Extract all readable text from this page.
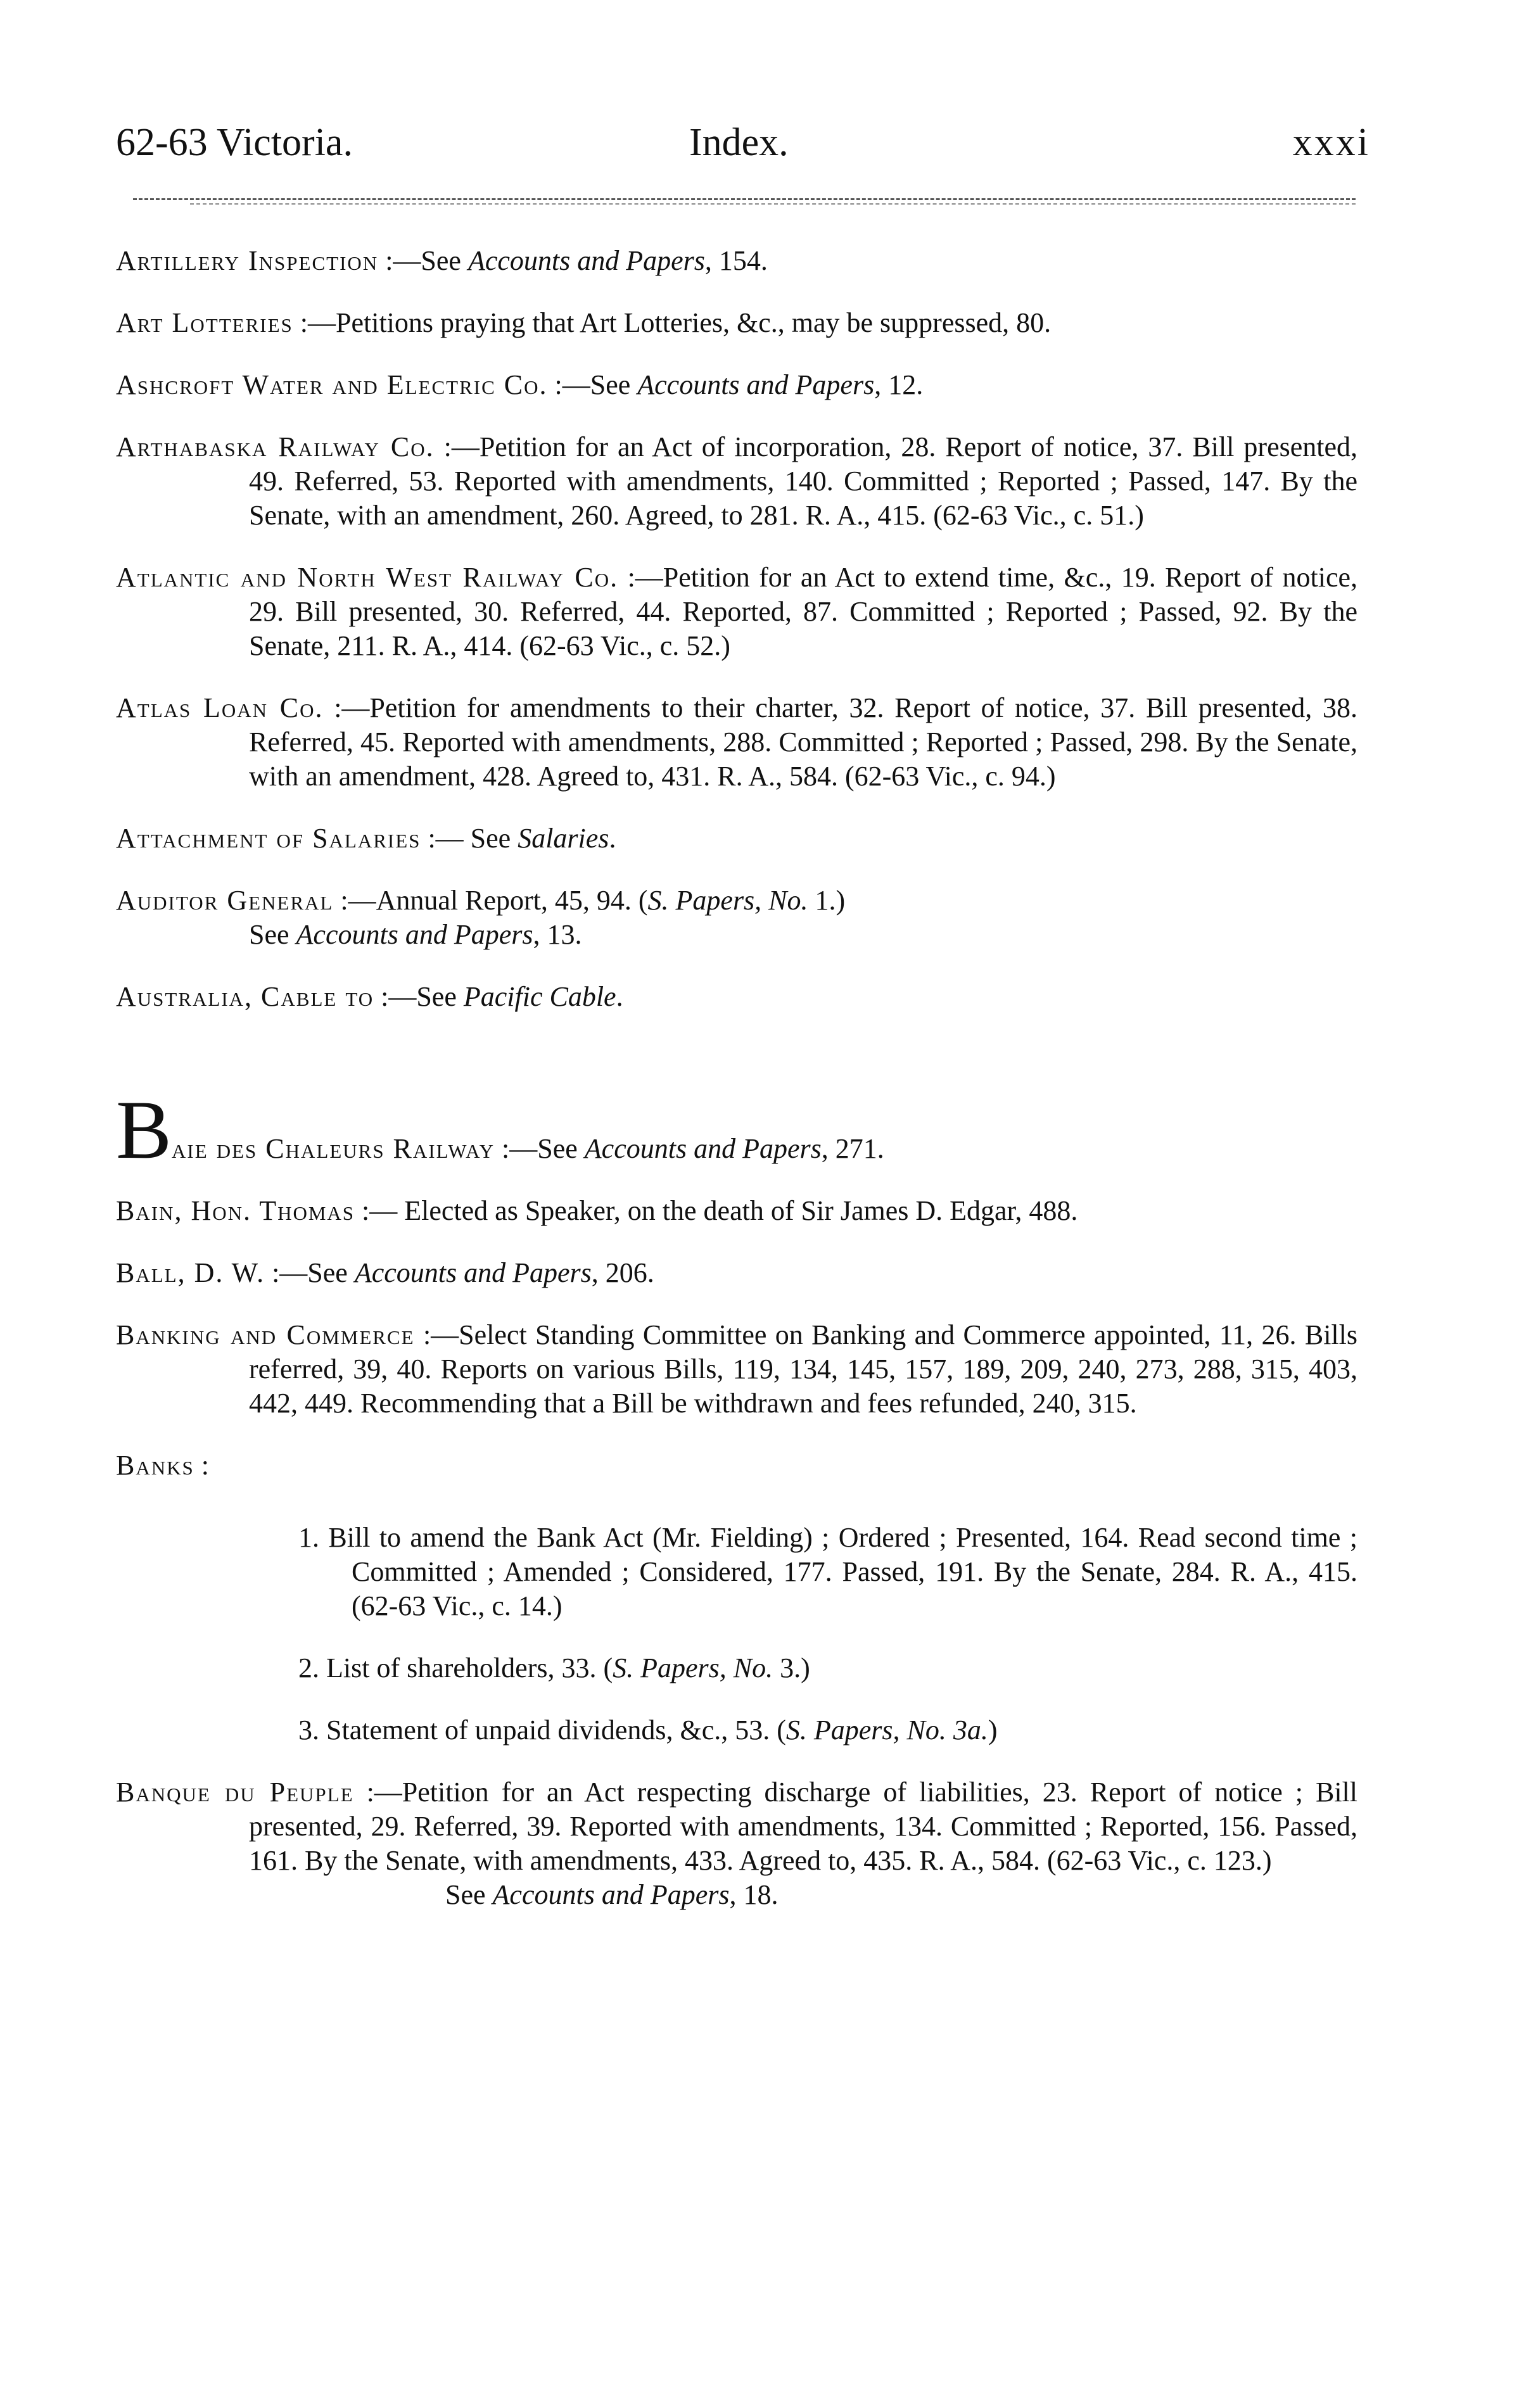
62-63 Victoria.	Index.	xxxi

Artillery Inspection :—See Accounts and Papers, 154.

Art Lotteries :—Petitions praying that Art Lotteries, &c., may be suppressed, 80.

Ashcroft Water and Electric Co. :—See Accounts and Papers, 12.

Arthabaska Railway Co. :—Petition for an Act of incorporation, 28. Report of notice, 37. Bill presented, 49. Referred, 53. Reported with amendments, 140. Committed ; Reported ; Passed, 147. By the Senate, with an amendment, 260. Agreed, to 281. R. A., 415. (62-63 Vic., c. 51.)

Atlantic and North West Railway Co. :—Petition for an Act to extend time, &c., 19. Report of notice, 29. Bill presented, 30. Referred, 44. Reported, 87. Committed ; Reported ; Passed, 92. By the Senate, 211. R. A., 414. (62-63 Vic., c. 52.)

Atlas Loan Co. :—Petition for amendments to their charter, 32. Report of notice, 37. Bill presented, 38. Referred, 45. Reported with amendments, 288. Committed ; Reported ; Passed, 298. By the Senate, with an amendment, 428. Agreed to, 431. R. A., 584. (62-63 Vic., c. 94.)

Attachment of Salaries :— See Salaries.

Auditor General :—Annual Report, 45, 94. (S. Papers, No. 1.)
See Accounts and Papers, 13.

Australia, Cable to :—See Pacific Cable.

Baie des Chaleurs Railway :—See Accounts and Papers, 271.

Bain, Hon. Thomas :— Elected as Speaker, on the death of Sir James D. Edgar, 488.

Ball, D. W. :—See Accounts and Papers, 206.

Banking and Commerce :—Select Standing Committee on Banking and Commerce appointed, 11, 26. Bills referred, 39, 40. Reports on various Bills, 119, 134, 145, 157, 189, 209, 240, 273, 288, 315, 403, 442, 449. Recommending that a Bill be withdrawn and fees refunded, 240, 315.

Banks :

1. Bill to amend the Bank Act (Mr. Fielding) ; Ordered ; Presented, 164. Read second time ; Committed ; Amended ; Considered, 177. Passed, 191. By the Senate, 284. R. A., 415. (62-63 Vic., c. 14.)
2. List of shareholders, 33. (S. Papers, No. 3.)
3. Statement of unpaid dividends, &c., 53. (S. Papers, No. 3a.)

Banque du Peuple :—Petition for an Act respecting discharge of liabilities, 23. Report of notice ; Bill presented, 29. Referred, 39. Reported with amendments, 134. Committed ; Reported, 156. Passed, 161. By the Senate, with amendments, 433. Agreed to, 435. R. A., 584. (62-63 Vic., c. 123.)
See Accounts and Papers, 18.
